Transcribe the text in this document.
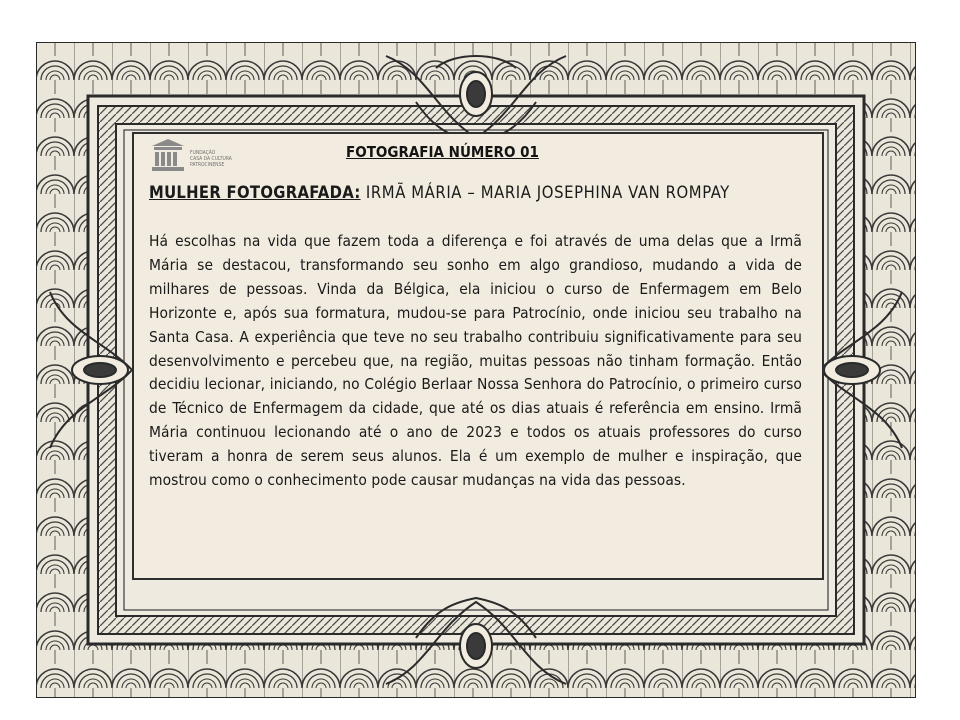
FUNDAÇÃO
CASA DA CULTURA
PATROCINENSE
FOTOGRAFIA NÚMERO 01
MULHER FOTOGRAFADA: IRMÃ MÁRIA – MARIA JOSEPHINA VAN ROMPAY
Há escolhas na vida que fazem toda a diferença e foi através de uma delas que a Irmã Mária se destacou, transformando seu sonho em algo grandioso, mudando a vida de milhares de pessoas. Vinda da Bélgica, ela iniciou o curso de Enfermagem em Belo Horizonte e, após sua formatura, mudou-se para Patrocínio, onde iniciou seu trabalho na Santa Casa. A experiência que teve no seu trabalho contribuiu significativamente para seu desenvolvimento e percebeu que, na região, muitas pessoas não tinham formação. Então decidiu lecionar, iniciando, no Colégio Berlaar Nossa Senhora do Patrocínio, o primeiro curso de Técnico de Enfermagem da cidade, que até os dias atuais é referência em ensino. Irmã Mária continuou lecionando até o ano de 2023 e todos os atuais professores do curso tiveram a honra de serem seus alunos. Ela é um exemplo de mulher e inspiração, que mostrou como o conhecimento pode causar mudanças na vida das pessoas.
